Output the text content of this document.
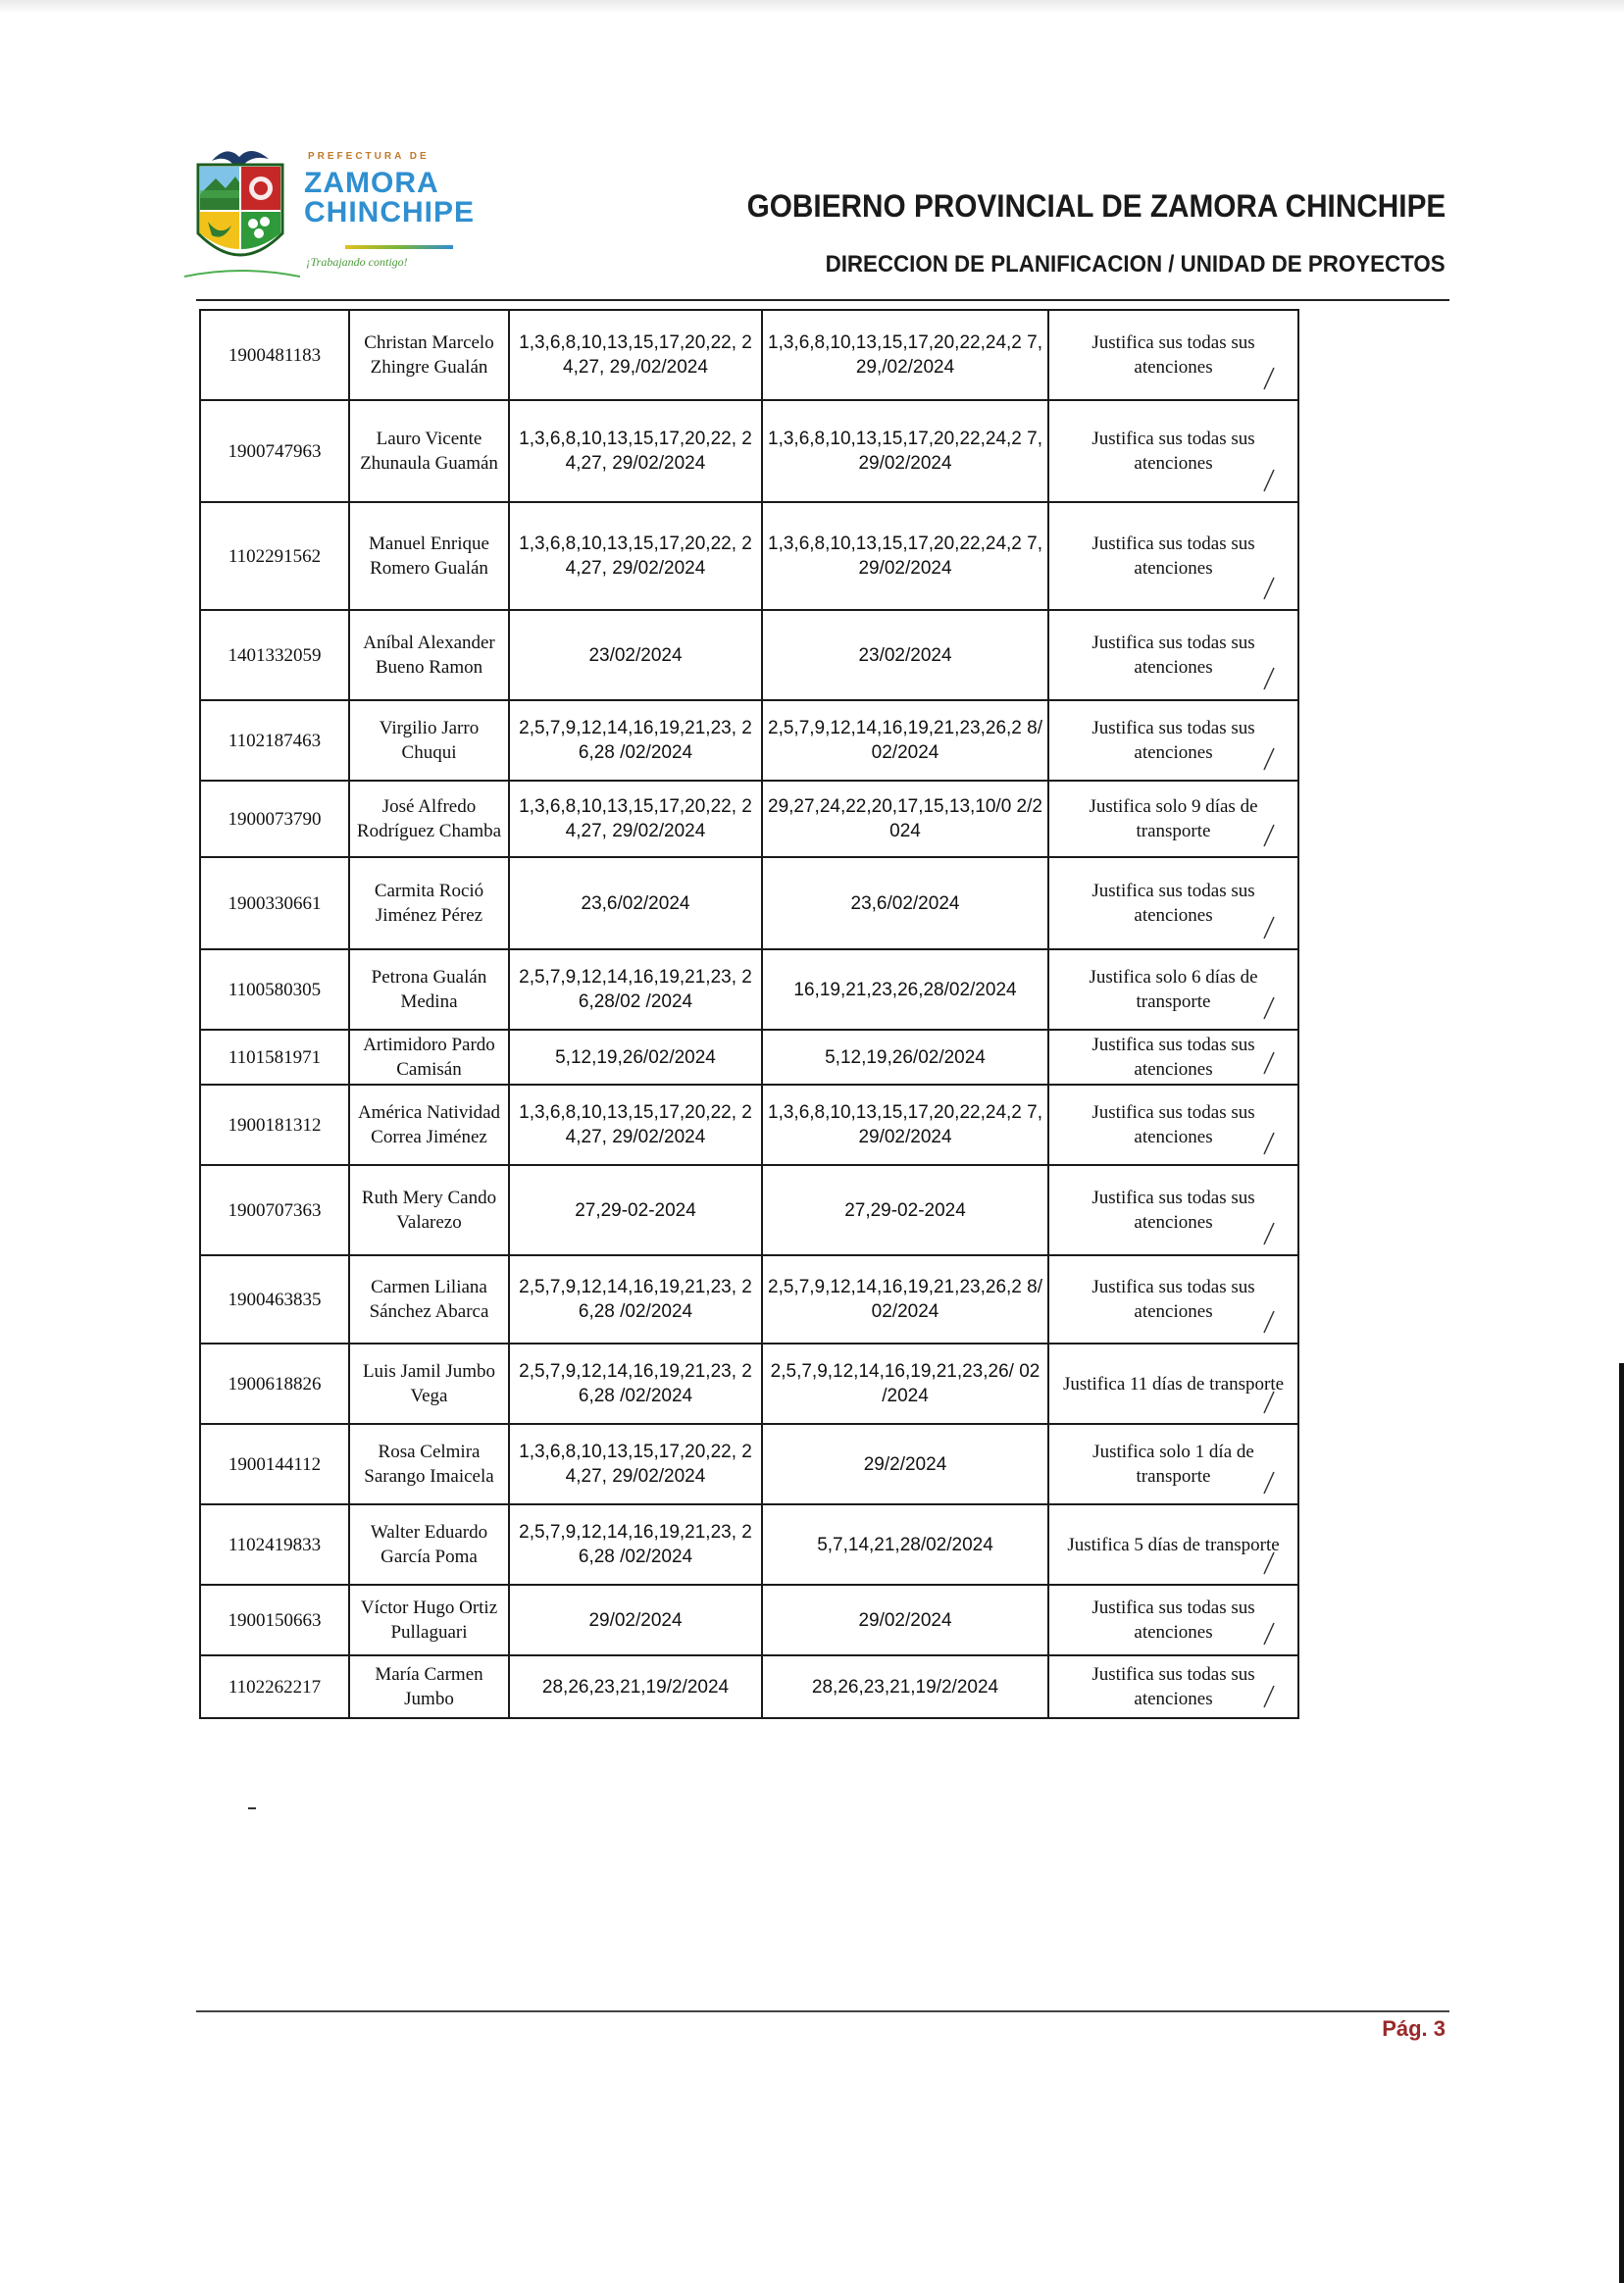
PREFECTURA DE
ZAMORA
CHINCHIPE
¡Trabajando contigo!
GOBIERNO PROVINCIAL DE ZAMORA CHINCHIPE
DIRECCION DE PLANIFICACION / UNIDAD DE PROYECTOS
1900481183	Christan Marcelo Zhingre Gualán	1,3,6,8,10,13,15,17,20,22, 24,27, 29,/02/2024	1,3,6,8,10,13,15,17,20,22,24,2 7, 29,/02/2024	Justifica sus todas sus atenciones

1900747963	Lauro Vicente Zhunaula Guamán	1,3,6,8,10,13,15,17,20,22, 24,27, 29/02/2024	1,3,6,8,10,13,15,17,20,22,24,2 7, 29/02/2024	Justifica sus todas sus atenciones

1102291562	Manuel Enrique Romero Gualán	1,3,6,8,10,13,15,17,20,22, 24,27, 29/02/2024	1,3,6,8,10,13,15,17,20,22,24,2 7, 29/02/2024	Justifica sus todas sus atenciones

1401332059	Aníbal Alexander Bueno Ramon	23/02/2024	23/02/2024	Justifica sus todas sus atenciones

1102187463	Virgilio Jarro Chuqui	2,5,7,9,12,14,16,19,21,23, 26,28 /02/2024	2,5,7,9,12,14,16,19,21,23,26,2 8/ 02/2024	Justifica sus todas sus atenciones

1900073790	José Alfredo Rodríguez Chamba	1,3,6,8,10,13,15,17,20,22, 24,27, 29/02/2024	29,27,24,22,20,17,15,13,10/0 2/2024	Justifica solo 9 días de transporte

1900330661	Carmita Roció Jiménez Pérez	23,6/02/2024	23,6/02/2024	Justifica sus todas sus atenciones

1100580305	Petrona Gualán Medina	2,5,7,9,12,14,16,19,21,23, 26,28/02 /2024	16,19,21,23,26,28/02/2024	Justifica solo 6 días de transporte

1101581971	Artimidoro Pardo Camisán	5,12,19,26/02/2024	5,12,19,26/02/2024	Justifica sus todas sus atenciones

1900181312	América Natividad Correa Jiménez	1,3,6,8,10,13,15,17,20,22, 24,27, 29/02/2024	1,3,6,8,10,13,15,17,20,22,24,2 7, 29/02/2024	Justifica sus todas sus atenciones

1900707363	Ruth Mery Cando Valarezo	27,29-02-2024	27,29-02-2024	Justifica sus todas sus atenciones

1900463835	Carmen Liliana Sánchez Abarca	2,5,7,9,12,14,16,19,21,23, 26,28 /02/2024	2,5,7,9,12,14,16,19,21,23,26,2 8/ 02/2024	Justifica sus todas sus atenciones

1900618826	Luis Jamil Jumbo Vega	2,5,7,9,12,14,16,19,21,23, 26,28 /02/2024	2,5,7,9,12,14,16,19,21,23,26/ 02 /2024	Justifica 11 días de transporte

1900144112	Rosa Celmira Sarango Imaicela	1,3,6,8,10,13,15,17,20,22, 24,27, 29/02/2024	29/2/2024	Justifica solo 1 día de transporte

1102419833	Walter Eduardo García Poma	2,5,7,9,12,14,16,19,21,23, 26,28 /02/2024	5,7,14,21,28/02/2024	Justifica 5 días de transporte

1900150663	Víctor Hugo Ortiz Pullaguari	29/02/2024	29/02/2024	Justifica sus todas sus atenciones

1102262217	María Carmen Jumbo	28,26,23,21,19/2/2024	28,26,23,21,19/2/2024	Justifica sus todas sus atenciones
Pág. 3
